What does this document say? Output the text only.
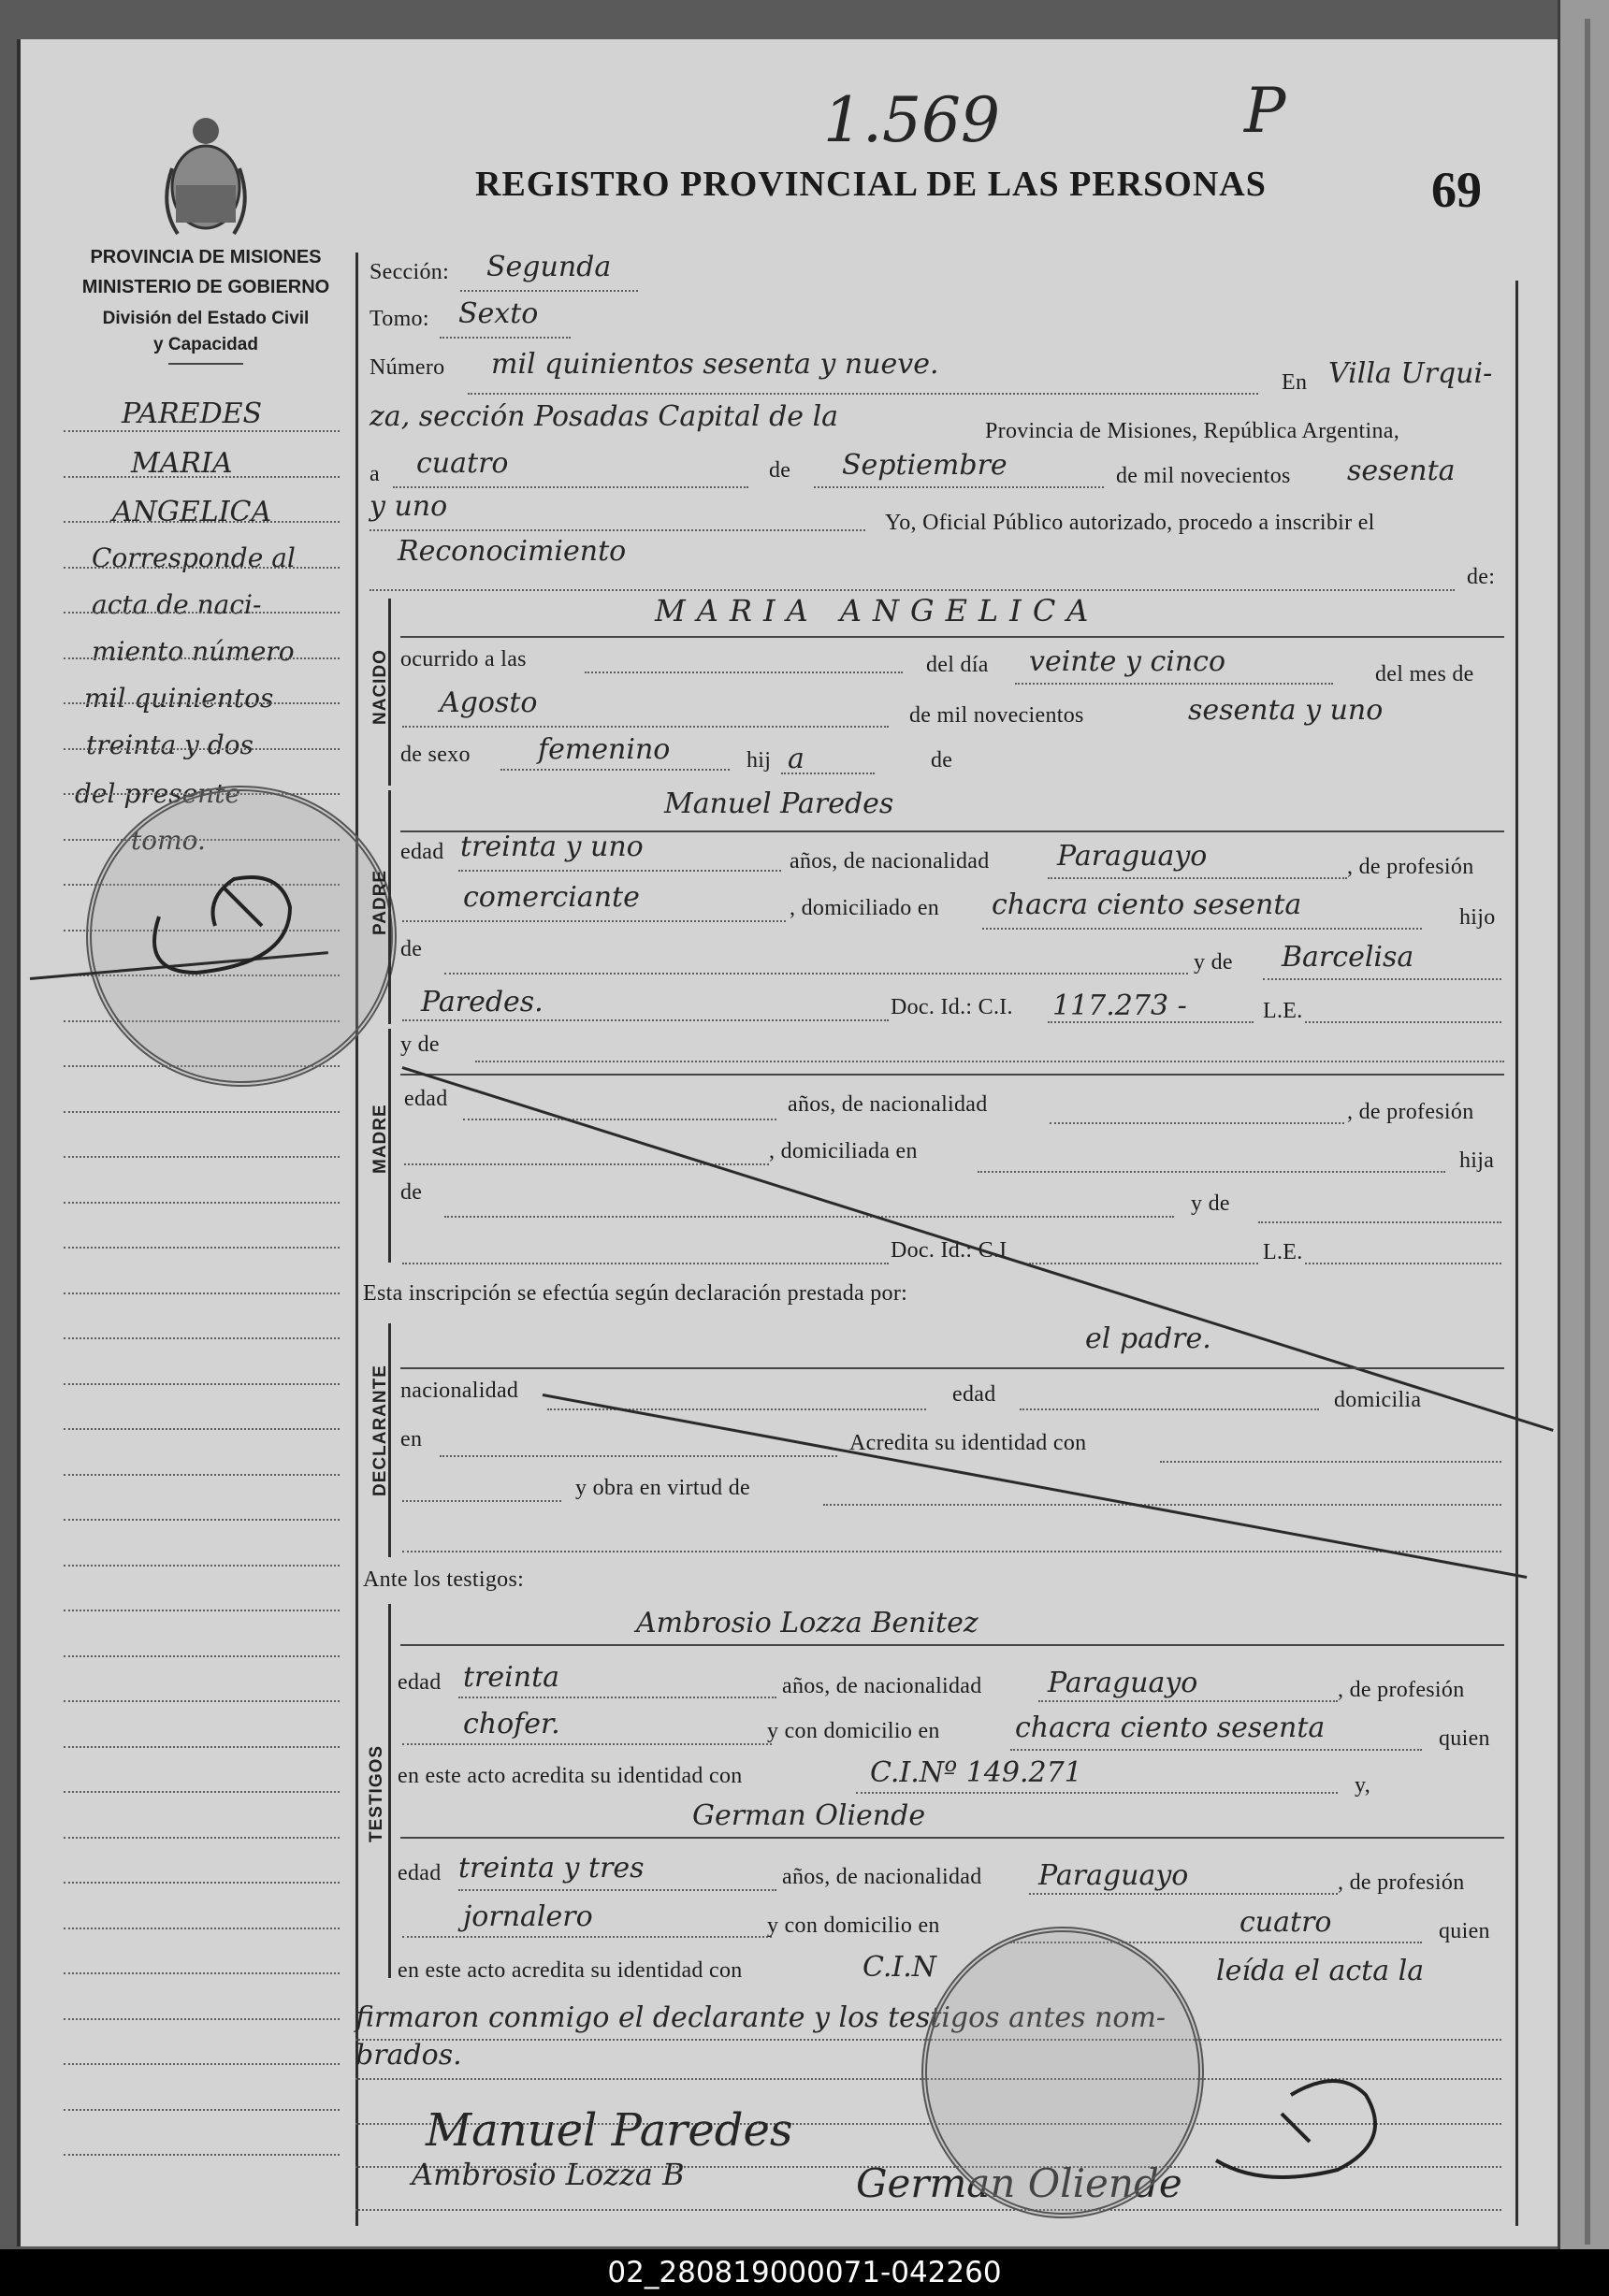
1.569	P
REGISTRO PROVINCIAL DE LAS PERSONAS	69
PROVINCIA DE MISIONES
MINISTERIO DE GOBIERNO
División del Estado Civil
y Capacidad
PAREDES
MARIA
ANGELICA
Corresponde al
acta de naci-
miento número
mil quinientos
treinta y dos
del presente
tomo.
Sección: Segunda
Tomo: Sexto
Número mil quinientos sesenta y nueve.
En Villa Urqui-
za, sección Posadas Capital de la	Provincia de Misiones, República Argentina,
a cuatro	de Septiembre	de mil novecientos sesenta
y uno	Yo, Oficial Público autorizado, procedo a inscribir el
Reconocimiento
de:
NACIDO
MARIA ANGELICA
ocurrido a las	del día veinte y cinco	del mes de
Agosto	de mil novecientos	sesenta y uno
de sexo femenino	hij a	de
PADRE
Manuel Paredes
edad treinta y uno	años, de nacionalidad Paraguayo	, de profesión
comerciante	, domiciliado en chacra ciento sesenta	hijo
de
y de Barcelisa
Paredes.	Doc. Id.: C.I. 117.273 -	L.E.
MADRE
y de
edad	años, de nacionalidad	, de profesión
, domiciliada en	hija
de	y de
Doc. Id.: C.I	L.E.
Esta inscripción se efectúa según declaración prestada por:
DECLARANTE
el padre.
nacionalidad	edad	domicilia
en	Acredita su identidad con
y obra en virtud de
Ante los testigos:
TESTIGOS
Ambrosio Lozza Benitez
edad treinta	años, de nacionalidad Paraguayo	, de profesión
chofer.	y con domicilio en	chacra ciento sesenta	quien
en este acto acredita su identidad con	C.I.Nº 149.271	y,
German Oliende
edad treinta y tres	años, de nacionalidad Paraguayo	, de profesión
jornalero	y con domicilio en	cuatro	quien
en este acto acredita su identidad con	C.I.N	leída el acta la
firmaron conmigo el declarante y los testigos antes nom-
brados.
Manuel Paredes
Ambrosio Lozza B	German Oliende
02_280819000071-042260
